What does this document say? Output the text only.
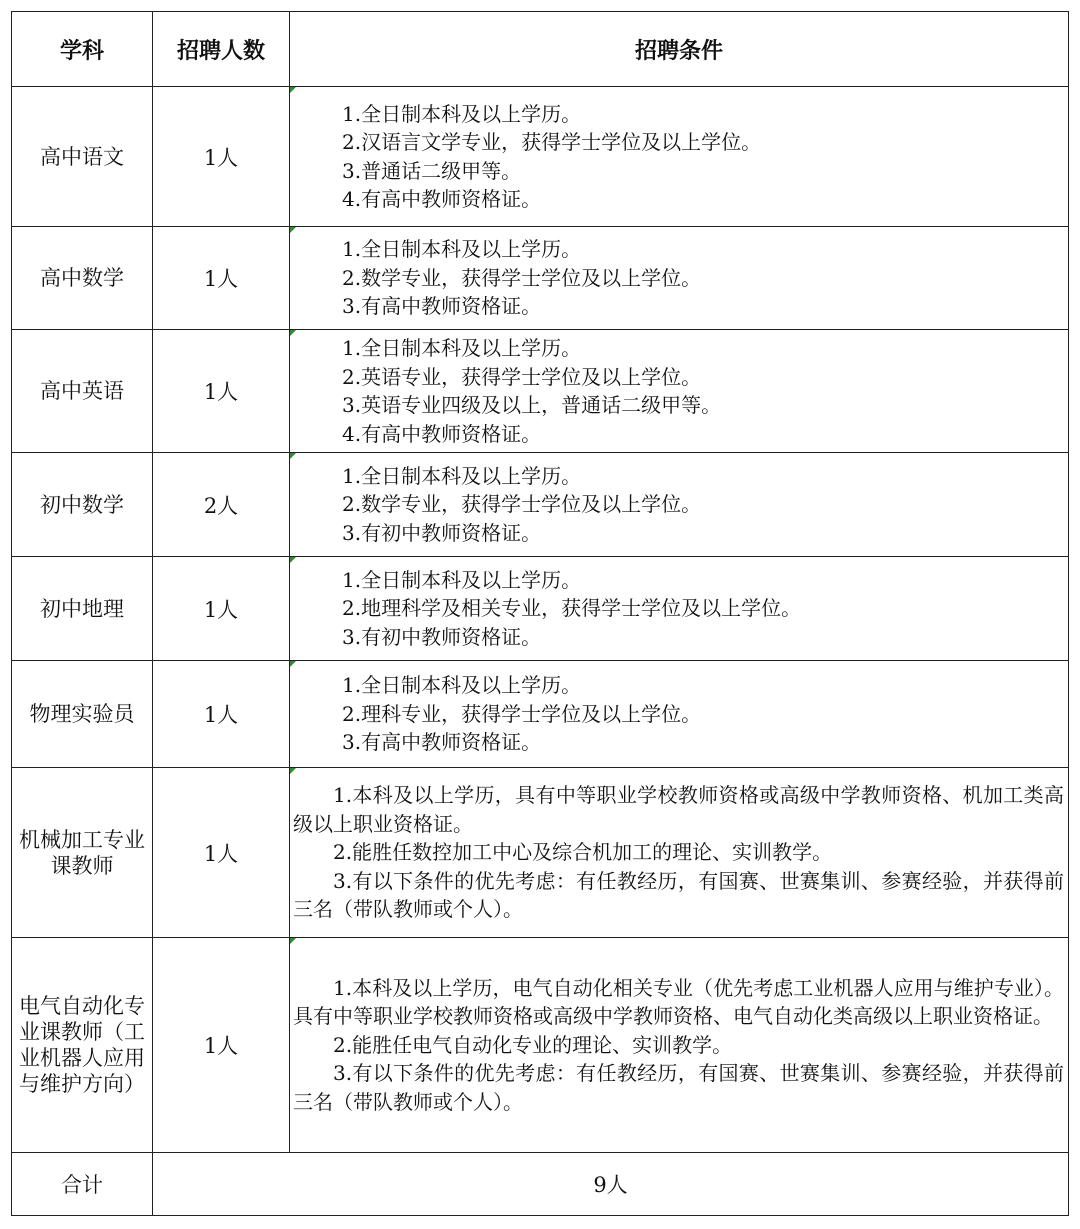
学科	招聘人数	招聘条件
高中语文	1人	1.全日制本科及以上学历。
2.汉语言文学专业，获得学士学位及以上学位。
3.普通话二级甲等。
4.有高中教师资格证。

高中数学	1人	1.全日制本科及以上学历。
2.数学专业，获得学士学位及以上学位。
3.有高中教师资格证。

高中英语	1人	1.全日制本科及以上学历。
2.英语专业，获得学士学位及以上学位。
3.英语专业四级及以上，普通话二级甲等。
4.有高中教师资格证。

初中数学	2人	1.全日制本科及以上学历。
2.数学专业，获得学士学位及以上学位。
3.有初中教师资格证。

初中地理	1人	1.全日制本科及以上学历。
2.地理科学及相关专业，获得学士学位及以上学位。
3.有初中教师资格证。

物理实验员	1人	1.全日制本科及以上学历。
2.理科专业，获得学士学位及以上学位。
3.有高中教师资格证。

机械加工专业课教师	1人	1.本科及以上学历，具有中等职业学校教师资格或高级中学教师资格、机加工类高级以上职业资格证。

2.能胜任数控加工中心及综合机加工的理论、实训教学。

3.有以下条件的优先考虑：有任教经历，有国赛、世赛集训、参赛经验，并获得前三名（带队教师或个人）。

电气自动化专业课教师（工业机器人应用与维护方向）	1人	1.本科及以上学历，电气自动化相关专业（优先考虑工业机器人应用与维护专业）。具有中等职业学校教师资格或高级中学教师资格、电气自动化类高级以上职业资格证。

2.能胜任电气自动化专业的理论、实训教学。

3.有以下条件的优先考虑：有任教经历，有国赛、世赛集训、参赛经验，并获得前三名（带队教师或个人）。

合计	9人	
